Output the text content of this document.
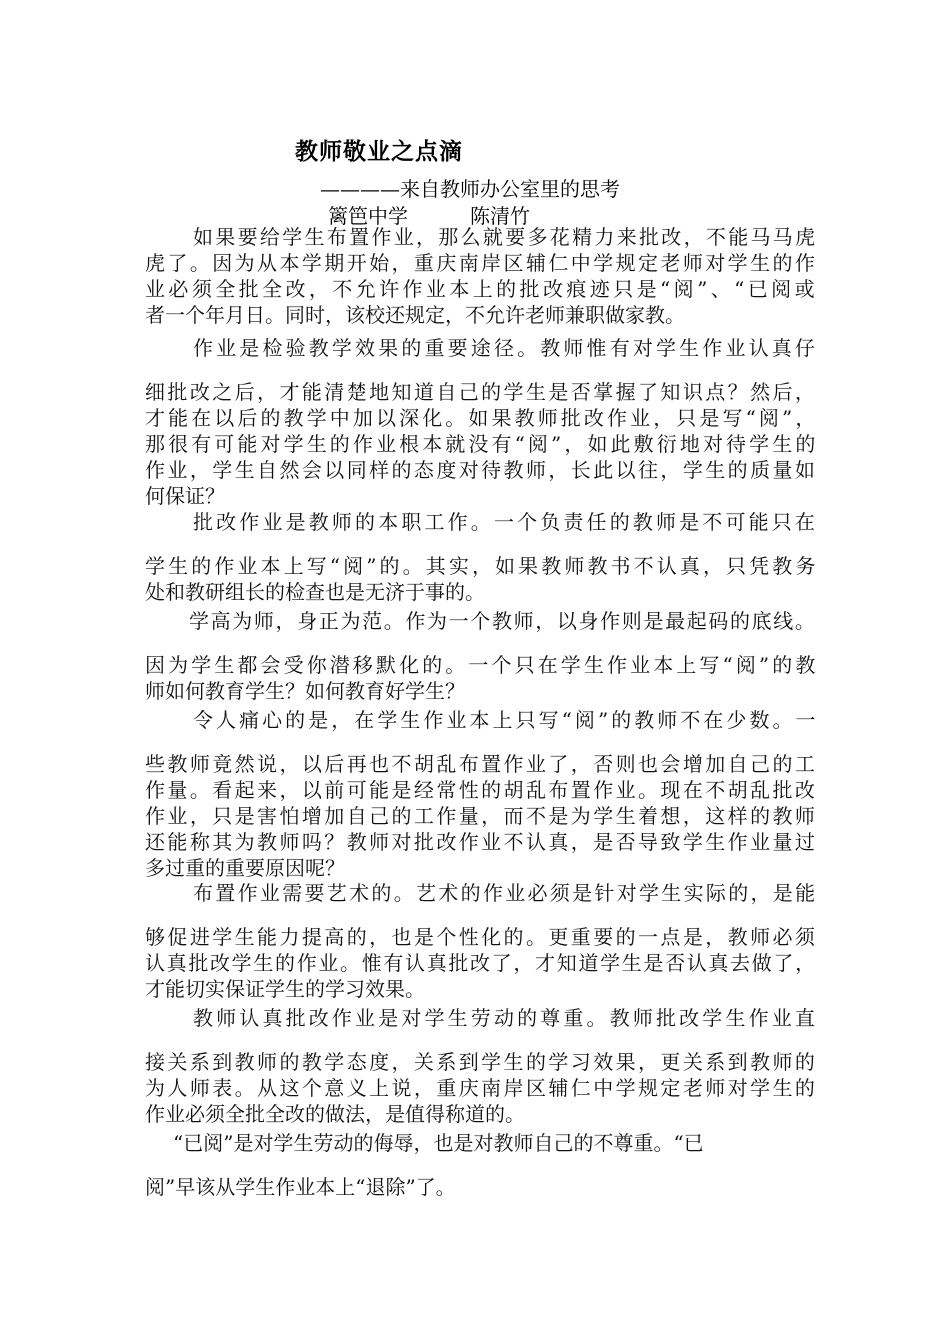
教师敬业之点滴
————来自教师办公室里的思考
篱笆中学	陈清竹
如果要给学生布置作业，那么就要多花精力来批改，不能马马虎
虎了。因为从本学期开始，重庆南岸区辅仁中学规定老师对学生的作
业必须全批全改，不允许作业本上的批改痕迹只是“阅”、“已阅或
者一个年月日。同时，该校还规定，不允许老师兼职做家教。
作业是检验教学效果的重要途径。教师惟有对学生作业认真仔
细批改之后，才能清楚地知道自己的学生是否掌握了知识点？然后，
才能在以后的教学中加以深化。如果教师批改作业，只是写“阅”，
那很有可能对学生的作业根本就没有“阅”，如此敷衍地对待学生的
作业，学生自然会以同样的态度对待教师，长此以往，学生的质量如
何保证？
批改作业是教师的本职工作。一个负责任的教师是不可能只在
学生的作业本上写“阅”的。其实，如果教师教书不认真，只凭教务
处和教研组长的检查也是无济于事的。
学高为师，身正为范。作为一个教师，以身作则是最起码的底线。
因为学生都会受你潜移默化的。一个只在学生作业本上写“阅”的教
师如何教育学生？如何教育好学生？
令人痛心的是，在学生作业本上只写“阅”的教师不在少数。一
些教师竟然说，以后再也不胡乱布置作业了，否则也会增加自己的工
作量。看起来，以前可能是经常性的胡乱布置作业。现在不胡乱批改
作业，只是害怕增加自己的工作量，而不是为学生着想，这样的教师
还能称其为教师吗？教师对批改作业不认真，是否导致学生作业量过
多过重的重要原因呢？
布置作业需要艺术的。艺术的作业必须是针对学生实际的，是能
够促进学生能力提高的，也是个性化的。更重要的一点是，教师必须
认真批改学生的作业。惟有认真批改了，才知道学生是否认真去做了，
才能切实保证学生的学习效果。
教师认真批改作业是对学生劳动的尊重。教师批改学生作业直
接关系到教师的教学态度，关系到学生的学习效果，更关系到教师的
为人师表。从这个意义上说，重庆南岸区辅仁中学规定老师对学生的
作业必须全批全改的做法，是值得称道的。
“已阅”是对学生劳动的侮辱，也是对教师自己的不尊重。“已
阅”早该从学生作业本上“退除”了。
